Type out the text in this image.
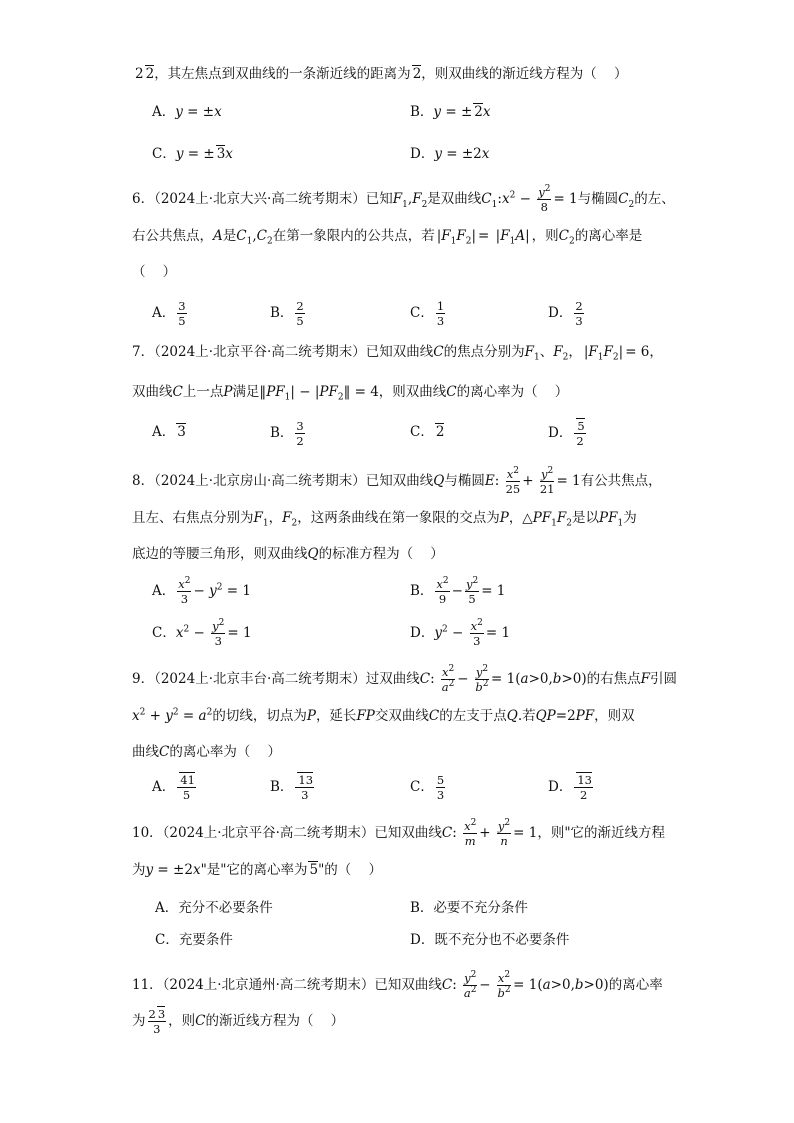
2 2，其左焦点到双曲线的一条渐近线的距离为 2，则双曲线的渐近线方程为（    ）
A．y = ±x	B．y = ± 2x
C．y = ± 3x	D．y = ±2x
6．（2024上·北京大兴·高二统考期末）已知$F_1,F_2$是双曲线$C_1:x^2 - \frac{y^2}{8} = 1$与椭圆$C_2$的左、
右公共焦点，A是$C_1,C_2$在第一象限内的公共点，若 $|F_1F_2| = |F_1A|$ ，则$C_2$的离心率是
（    ）
A． $\frac{3}{5}$	B． $\frac{2}{5}$	C． $\frac{1}{3}$	D． $\frac{2}{3}$
7．（2024上·北京平谷·高二统考期末）已知双曲线C的焦点分别为$F_1$、$F_2$， $|F_1F_2| = 6$，
双曲线C上一点P满足$‖PF_1|$ − $|PF_2‖ = 4$，则双曲线C的离心率为（    ）
A． 3	B． $\frac{3}{2}$	C． 2	D． $\frac{5}{2}$
8．（2024上·北京房山·高二统考期末）已知双曲线Q与椭圆E: $\frac{x^2}{25} + \frac{y^2}{21} = 1$有公共焦点，
且左、右焦点分别为$F_1$，$F_2$，这两条曲线在第一象限的交点为P，$\triangle PF_1F_2$是以$PF_1$为
底边的等腰三角形，则双曲线Q的标准方程为（    ）
A． $\frac{x^2}{3} - y^2 = 1$	B． $\frac{x^2}{9} - \frac{y^2}{5} = 1$
C．$x^2 - \frac{y^2}{3} = 1$	D．$y^2 - \frac{x^2}{3} = 1$
9．（2024上·北京丰台·高二统考期末）过双曲线C: $\frac{x^2}{a^2} - \frac{y^2}{b^2} = 1(a>0,b>0)$的右焦点F引圆
$x^2 + y^2 = a^2$的切线，切点为P，延长FP交双曲线C的左支于点Q.若QP=2PF，则双
曲线C的离心率为（    ）
A． $\frac{41}{5}$	B． $\frac{13}{3}$	C． $\frac{5}{3}$	D． $\frac{13}{2}$
10．（2024上·北京平谷·高二统考期末）已知双曲线C: $\frac{x^2}{m} + \frac{y^2}{n} = 1$，则"它的渐近线方程
为y = ±2x"是"它的离心率为 5"的（    ）
A．充分不必要条件	B．必要不充分条件
C．充要条件	D．既不充分也不必要条件
11．（2024上·北京通州·高二统考期末）已知双曲线C: $\frac{y^2}{a^2} - \frac{x^2}{b^2} = 1(a>0,b>0)$的离心率
为 $\frac{2 3}{3}$ ，则C的渐近线方程为（    ）
